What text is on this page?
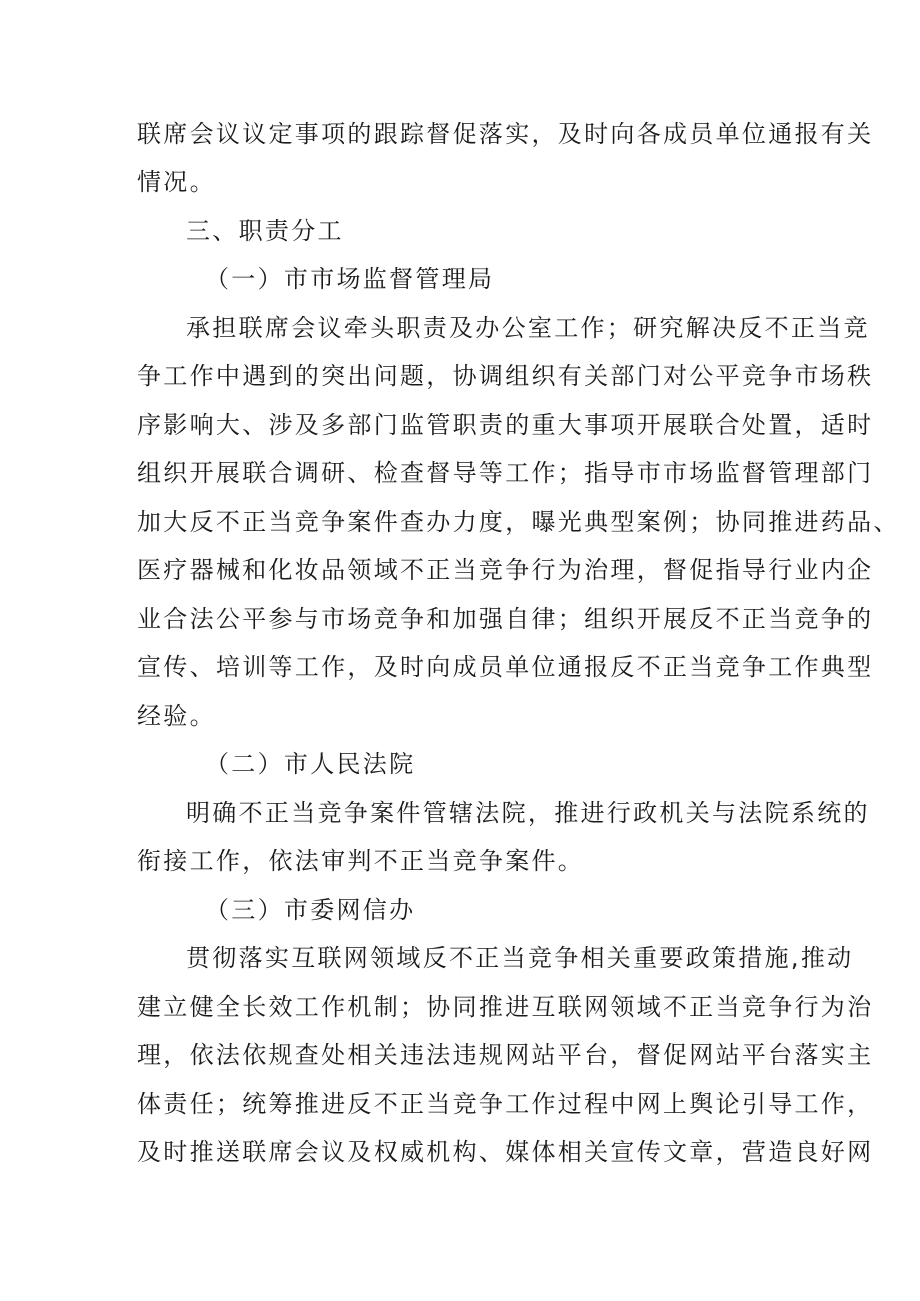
联席会议议定事项的跟踪督促落实，及时向各成员单位通报有关
情况。
三、职责分工
（一）市市场监督管理局
承担联席会议牵头职责及办公室工作；研究解决反不正当竞
争工作中遇到的突出问题，协调组织有关部门对公平竞争市场秩
序影响大、涉及多部门监管职责的重大事项开展联合处置，适时
组织开展联合调研、检查督导等工作；指导市市场监督管理部门
加大反不正当竞争案件查办力度，曝光典型案例；协同推进药品、
医疗器械和化妆品领域不正当竞争行为治理，督促指导行业内企
业合法公平参与市场竞争和加强自律；组织开展反不正当竞争的
宣传、培训等工作，及时向成员单位通报反不正当竞争工作典型
经验。
（二）市人民法院
明确不正当竞争案件管辖法院，推进行政机关与法院系统的
衔接工作，依法审判不正当竞争案件。
（三）市委网信办
贯彻落实互联网领域反不正当竞争相关重要政策措施,推动
建立健全长效工作机制；协同推进互联网领域不正当竞争行为治
理，依法依规查处相关违法违规网站平台，督促网站平台落实主
体责任；统筹推进反不正当竞争工作过程中网上舆论引导工作，
及时推送联席会议及权威机构、媒体相关宣传文章，营造良好网
